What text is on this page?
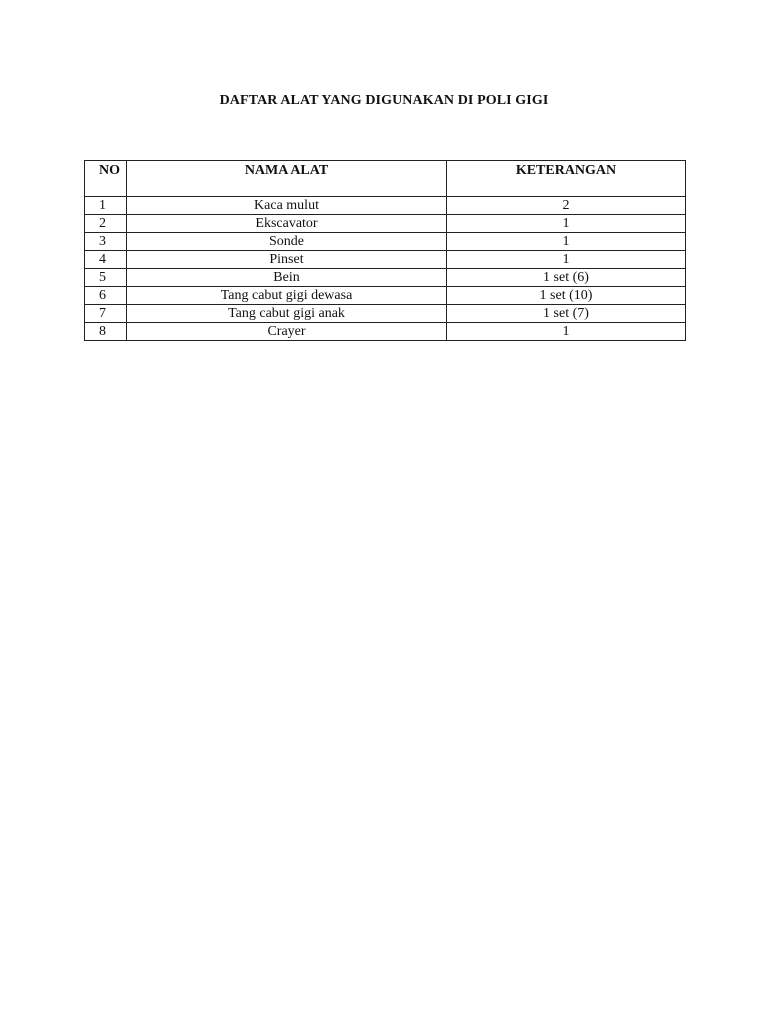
DAFTAR ALAT YANG DIGUNAKAN DI POLI GIGI
NO	NAMA ALAT	KETERANGAN
1	Kaca mulut	2
2	Ekscavator	1
3	Sonde	1
4	Pinset	1
5	Bein	1 set (6)
6	Tang cabut gigi dewasa	1 set (10)
7	Tang cabut gigi anak	1 set (7)
8	Crayer	1
